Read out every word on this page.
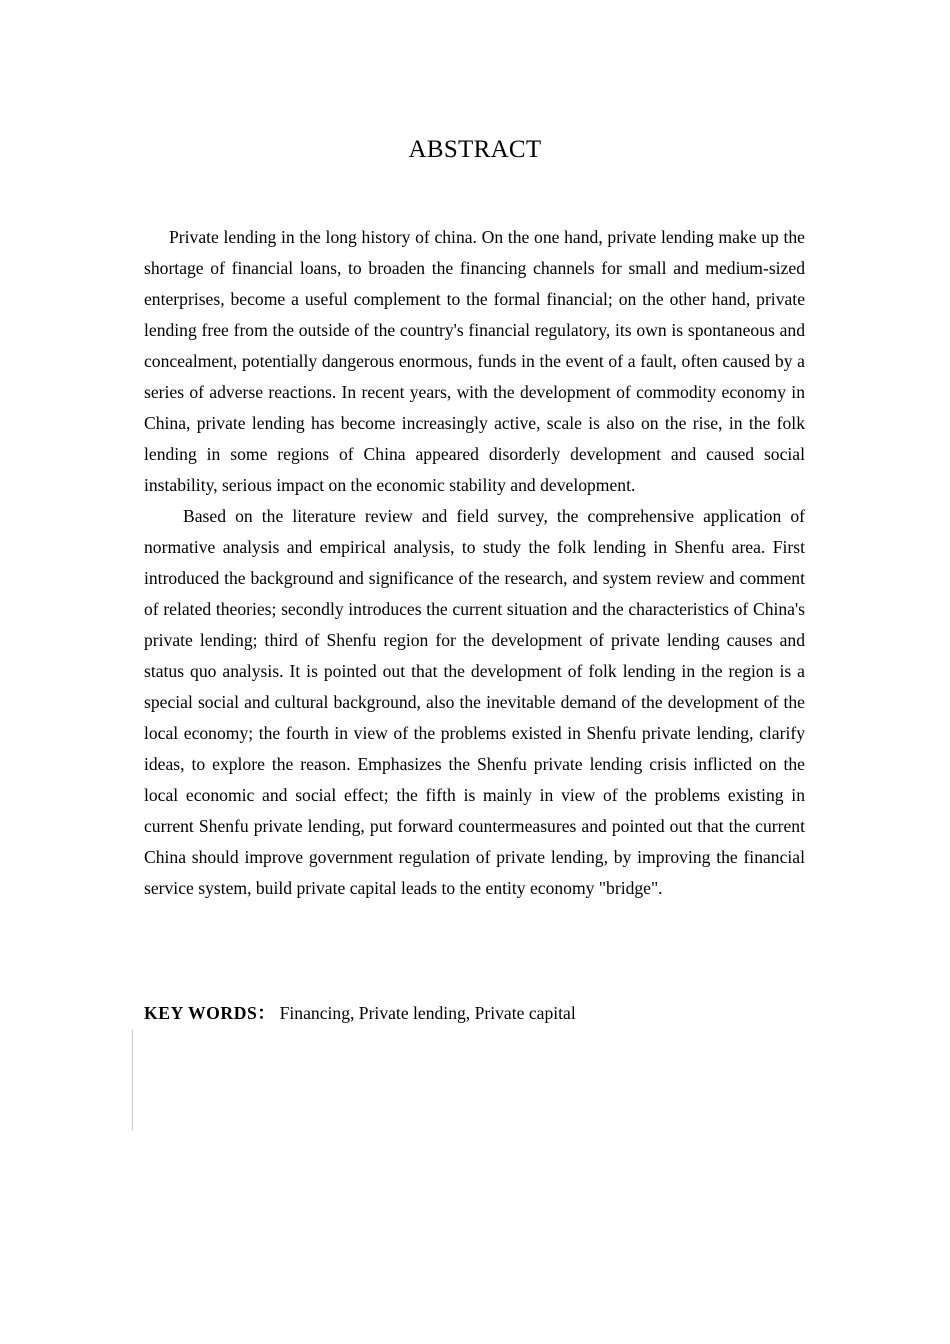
ABSTRACT

Private lending in the long history of china. On the one hand, private lending make up the shortage of financial loans, to broaden the financing channels for small and medium-sized enterprises, become a useful complement to the formal financial; on the other hand, private lending free from the outside of the country's financial regulatory, its own is spontaneous and concealment, potentially dangerous enormous, funds in the event of a fault, often caused by a series of adverse reactions. In recent years, with the development of commodity economy in China, private lending has become increasingly active, scale is also on the rise, in the folk lending in some regions of China appeared disorderly development and caused social instability, serious impact on the economic stability and development.

Based on the literature review and field survey, the comprehensive application of normative analysis and empirical analysis, to study the folk lending in Shenfu area. First introduced the background and significance of the research, and system review and comment of related theories; secondly introduces the current situation and the characteristics of China's private lending; third of Shenfu region for the development of private lending causes and status quo analysis. It is pointed out that the development of folk lending in the region is a special social and cultural background, also the inevitable demand of the development of the local economy; the fourth in view of the problems existed in Shenfu private lending, clarify ideas, to explore the reason. Emphasizes the Shenfu private lending crisis inflicted on the local economic and social effect; the fifth is mainly in view of the problems existing in current Shenfu private lending, put forward countermeasures and pointed out that the current China should improve government regulation of private lending, by improving the financial service system, build private capital leads to the entity economy "bridge".

KEY WORDS： Financing, Private lending, Private capital
